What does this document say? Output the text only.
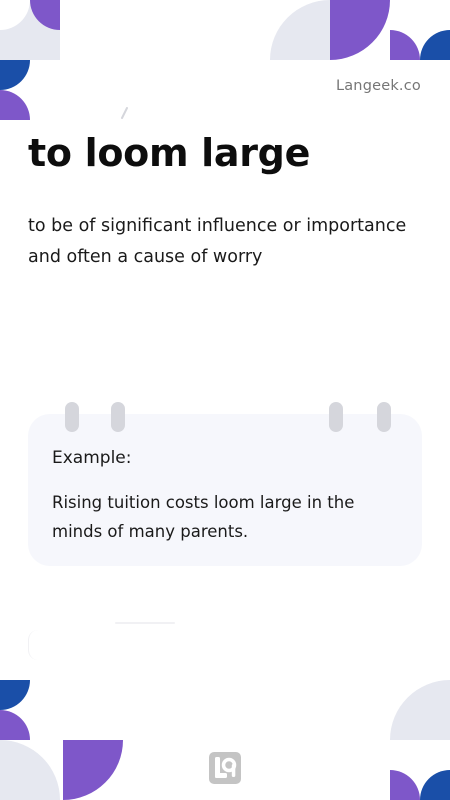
Langeek.co
to loom large

to be of significant influence or importance and often a cause of worry

Example:
Rising tuition costs loom large in the minds of many parents.
